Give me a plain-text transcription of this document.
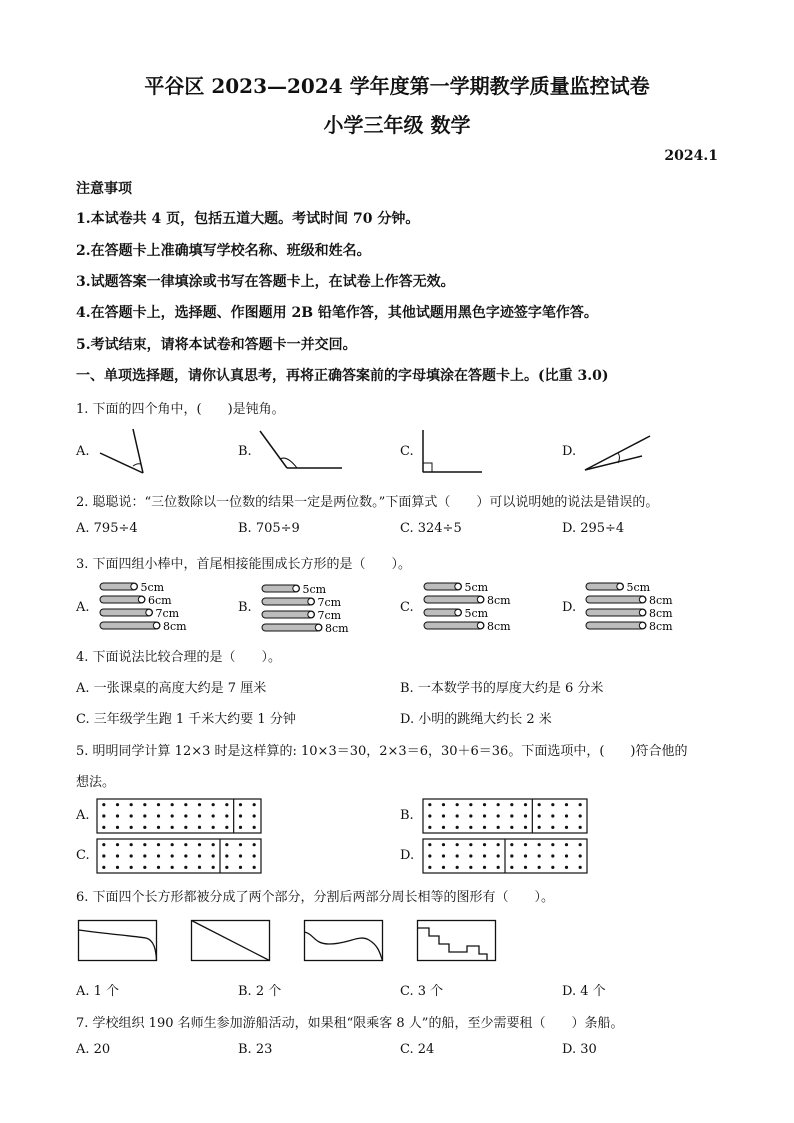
平谷区 2023—2024 学年度第一学期教学质量监控试卷
小学三年级 数学
2024.1
注意事项
1.本试卷共 4 页，包括五道大题。考试时间 70 分钟。
2.在答题卡上准确填写学校名称、班级和姓名。
3.试题答案一律填涂或书写在答题卡上，在试卷上作答无效。
4.在答题卡上，选择题、作图题用 2B 铅笔作答，其他试题用黑色字迹签字笔作答。
5.考试结束，请将本试卷和答题卡一并交回。
一、单项选择题，请你认真思考，再将正确答案前的字母填涂在答题卡上。(比重 3.0)
1. 下面的四个角中，(　　)是钝角。
A.	B.	C.	D.
2. 聪聪说：“三位数除以一位数的结果一定是两位数。”下面算式（　　）可以说明她的说法是错误的。
A. 795÷4	B. 705÷9	C. 324÷5	D. 295÷4
3. 下面四组小棒中，首尾相接能围成长方形的是（　　）。
A.	B.	C.	D.
5cm
6cm
7cm
8cm
5cm
7cm
7cm
8cm
5cm
8cm
5cm
8cm
5cm
8cm
8cm
8cm
4. 下面说法比较合理的是（　　）。
A. 一张课桌的高度大约是 7 厘米	B. 一本数学书的厚度大约是 6 分米
C. 三年级学生跑 1 千米大约要 1 分钟	D. 小明的跳绳大约长 2 米
5. 明明同学计算 12×3 时是这样算的: 10×3＝30，2×3＝6，30＋6＝36。下面选项中，(　　)符合他的
想法。
A.	B.
C.	D.
6. 下面四个长方形都被分成了两个部分，分割后两部分周长相等的图形有（　　）。
A. 1 个	B. 2 个	C. 3 个	D. 4 个
7. 学校组织 190 名师生参加游船活动，如果租“限乘客 8 人”的船，至少需要租（　　）条船。
A. 20	B. 23	C. 24	D. 30
